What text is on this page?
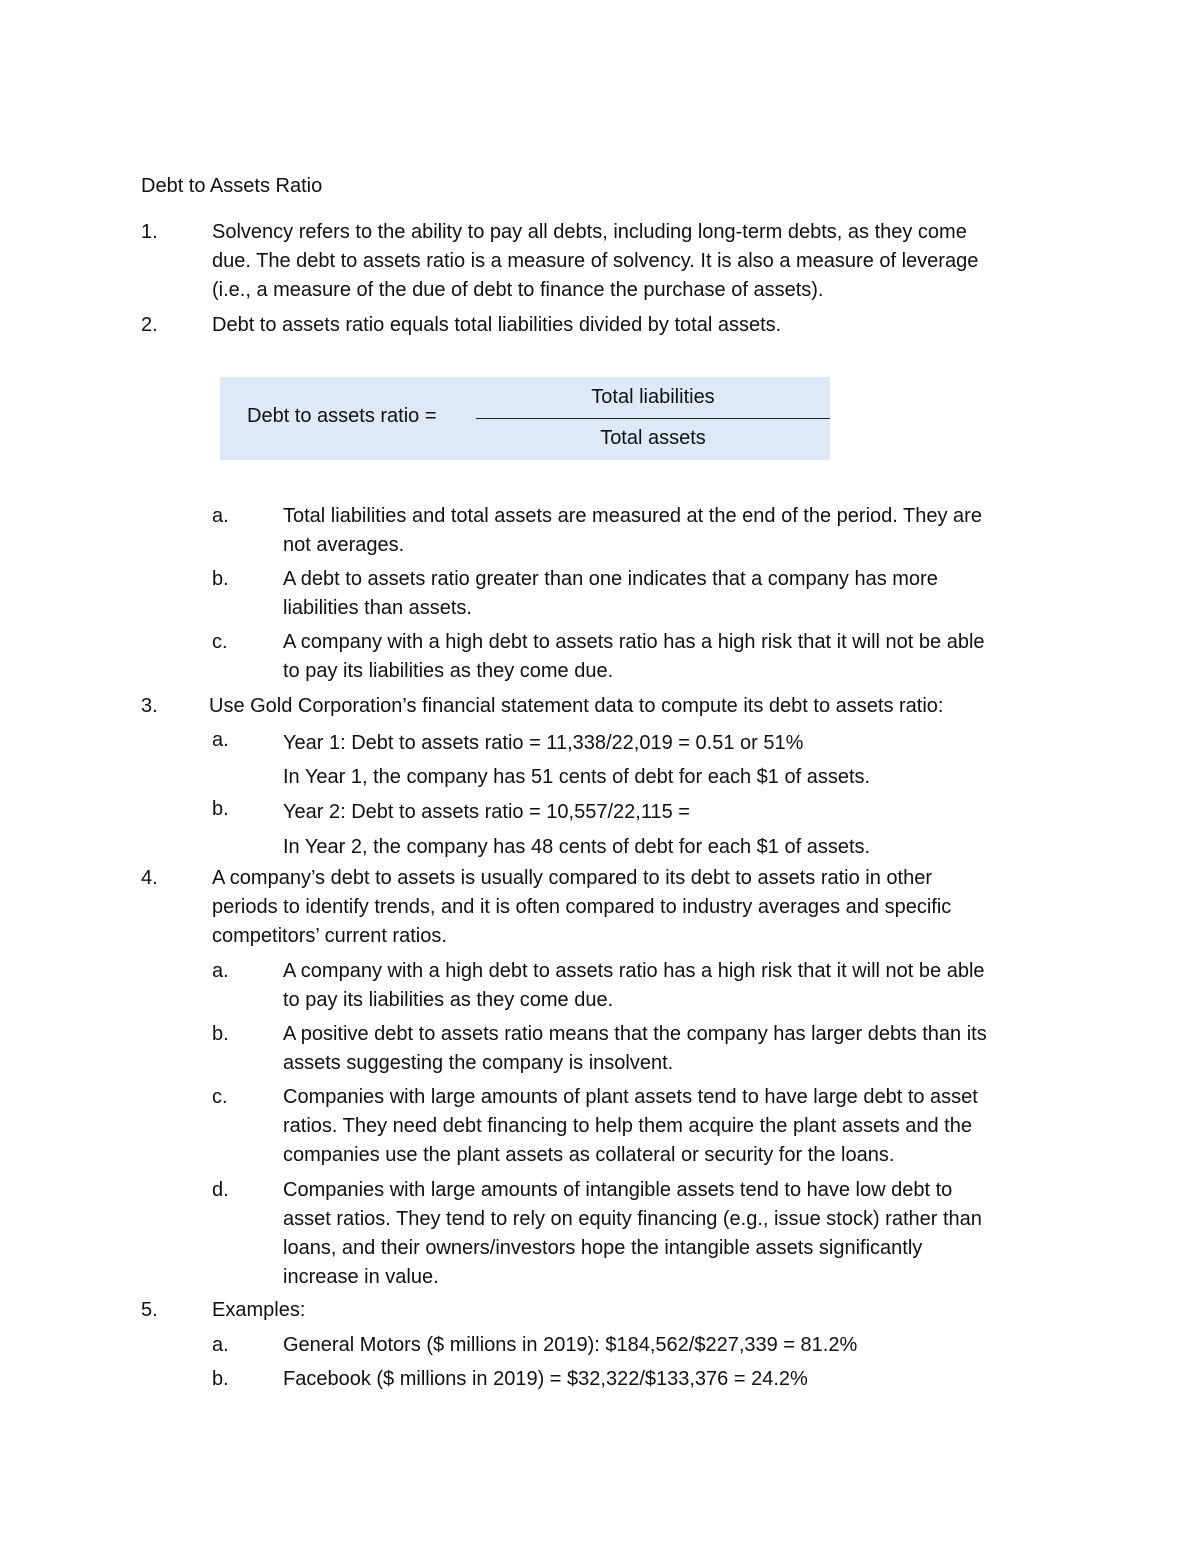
Debt to Assets Ratio
1.	Solvency refers to the ability to pay all debts, including long-term debts, as they come
due. The debt to assets ratio is a measure of solvency. It is also a measure of leverage
(i.e., a measure of the due of debt to finance the purchase of assets).
2.	Debt to assets ratio equals total liabilities divided by total assets.
Debt to assets ratio =
Total liabilities
Total assets
a.	Total liabilities and total assets are measured at the end of the period. They are
not averages.
b.	A debt to assets ratio greater than one indicates that a company has more
liabilities than assets.
c.	A company with a high debt to assets ratio has a high risk that it will not be able
to pay its liabilities as they come due.
3.	Use Gold Corporation’s financial statement data to compute its debt to assets ratio:
a.	Year 1: Debt to assets ratio = 11,338/22,019 = 0.51 or 51%
In Year 1, the company has 51 cents of debt for each $1 of assets.
b.	Year 2: Debt to assets ratio = 10,557/22,115 =
In Year 2, the company has 48 cents of debt for each $1 of assets.
4.	A company’s debt to assets is usually compared to its debt to assets ratio in other
periods to identify trends, and it is often compared to industry averages and specific
competitors’ current ratios.
a.	A company with a high debt to assets ratio has a high risk that it will not be able
to pay its liabilities as they come due.
b.	A positive debt to assets ratio means that the company has larger debts than its
assets suggesting the company is insolvent.
c.	Companies with large amounts of plant assets tend to have large debt to asset
ratios. They need debt financing to help them acquire the plant assets and the
companies use the plant assets as collateral or security for the loans.
d.	Companies with large amounts of intangible assets tend to have low debt to
asset ratios. They tend to rely on equity financing (e.g., issue stock) rather than
loans, and their owners/investors hope the intangible assets significantly
increase in value.
5.	Examples:
a.	General Motors ($ millions in 2019): $184,562/$227,339 = 81.2%
b.	Facebook ($ millions in 2019) = $32,322/$133,376 = 24.2%
